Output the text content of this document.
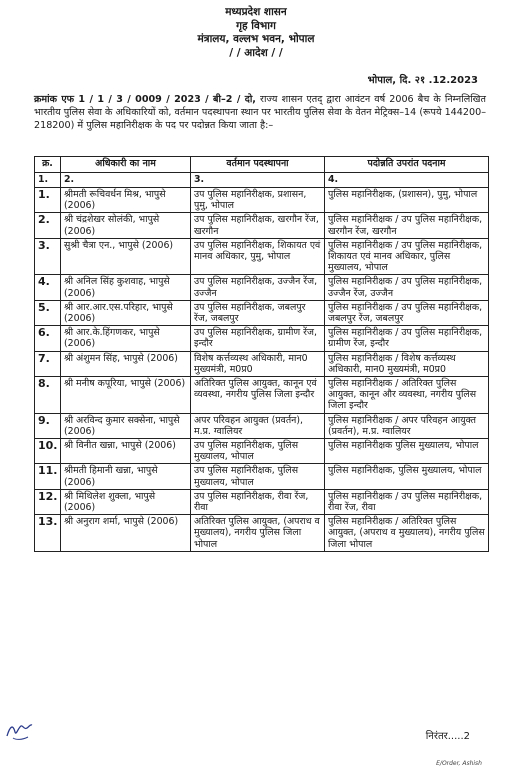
मध्यप्रदेश शासन
गृह विभाग
मंत्रालय, वल्लभ भवन, भोपाल
/ / आदेश / /
भोपाल, दि. २१ .12.2023
क्रमांक एफ 1 / 1 / 3 / 0009 / 2023 / बी–2 / दो, राज्य शासन एतद् द्वारा आवंटन वर्ष 2006 बैच के निम्नलिखित भारतीय पुलिस सेवा के अधिकारियों को, वर्तमान पदस्थापना स्थान पर भारतीय पुलिस सेवा के वेतन मेट्रिक्स–14 (रूपये 144200–218200) में पुलिस महानिरीक्षक के पद पर पदोन्नत किया जाता है:–
क्र.	अधिकारी का नाम	वर्तमान पदस्थापना	पदोन्नति उपरांत पदनाम
1.	2.	3.	4.
1.	श्रीमती रूचिवर्धन मिश्र, भापुसे (2006)	उप पुलिस महानिरीक्षक, प्रशासन, पुमु, भोपाल	पुलिस महानिरीक्षक, (प्रशासन), पुमु, भोपाल
2.	श्री चंद्रशेखर सोलंकी, भापुसे (2006)	उप पुलिस महानिरीक्षक, खरगौन रेंज, खरगौन	पुलिस महानिरीक्षक / उप पुलिस महानिरीक्षक, खरगौन रेंज, खरगौन
3.	सुश्री चैत्रा एन., भापुसे (2006)	उप पुलिस महानिरीक्षक, शिकायत एवं मानव अधिकार, पुमु, भोपाल	पुलिस महानिरीक्षक / उप पुलिस महानिरीक्षक, शिकायत एवं मानव अधिकार, पुलिस मुख्यालय, भोपाल
4.	श्री अनिल सिंह कुशवाह, भापुसे (2006)	उप पुलिस महानिरीक्षक, उज्जैन रेंज, उज्जैन	पुलिस महानिरीक्षक / उप पुलिस महानिरीक्षक, उज्जैन रेंज, उज्जैन
5.	श्री आर.आर.एस.परिहार, भापुसे (2006)	उप पुलिस महानिरीक्षक, जबलपुर रेंज, जबलपुर	पुलिस महानिरीक्षक / उप पुलिस महानिरीक्षक, जबलपुर रेंज, जबलपुर
6.	श्री आर.के.हिंगणकर, भापुसे (2006)	उप पुलिस महानिरीक्षक, ग्रामीण रेंज, इन्दौर	पुलिस महानिरीक्षक / उप पुलिस महानिरीक्षक, ग्रामीण रेंज, इन्दौर
7.	श्री अंशुमन सिंह, भापुसे (2006)	विशेष कर्त्तव्यस्थ अधिकारी, मान0 मुख्यमंत्री, म0प्र0	पुलिस महानिरीक्षक / विशेष कर्त्तव्यस्थ अधिकारी, मान0 मुख्यमंत्री, म0प्र0
8.	श्री मनीष कपूरिया, भापुसे (2006)	अतिरिक्त पुलिस आयुक्त, कानून एवं व्यवस्था, नगरीय पुलिस जिला इन्दौर	पुलिस महानिरीक्षक / अतिरिक्त पुलिस आयुक्त, कानून और व्यवस्था, नगरीय पुलिस जिला इन्दौर
9.	श्री अरविन्द कुमार सक्सेना, भापुसे (2006)	अपर परिवहन आयुक्त (प्रवर्तन), म.प्र. ग्वालियर	पुलिस महानिरीक्षक / अपर परिवहन आयुक्त (प्रवर्तन), म.प्र. ग्वालियर
10.	श्री विनीत खन्ना, भापुसे (2006)	उप पुलिस महानिरीक्षक, पुलिस मुख्यालय, भोपाल	पुलिस महानिरीक्षक पुलिस मुख्यालय, भोपाल
11.	श्रीमती हिमानी खन्ना, भापुसे (2006)	उप पुलिस महानिरीक्षक, पुलिस मुख्यालय, भोपाल	पुलिस महानिरीक्षक, पुलिस मुख्यालय, भोपाल
12.	श्री मिथिलेश शुक्ला, भापुसे (2006)	उप पुलिस महानिरीक्षक, रीवा रेंज, रीवा	पुलिस महानिरीक्षक / उप पुलिस महानिरीक्षक, रीवा रेंज, रीवा
13.	श्री अनुराग शर्मा, भापुसे (2006)	अतिरिक्त पुलिस आयुक्त, (अपराध व मुख्यालय), नगरीय पुलिस जिला भोपाल	पुलिस महानिरीक्षक / अतिरिक्त पुलिस आयुक्त, (अपराध व मुख्यालय), नगरीय पुलिस जिला भोपाल
निरंतर.....2
E/Order, Ashish
